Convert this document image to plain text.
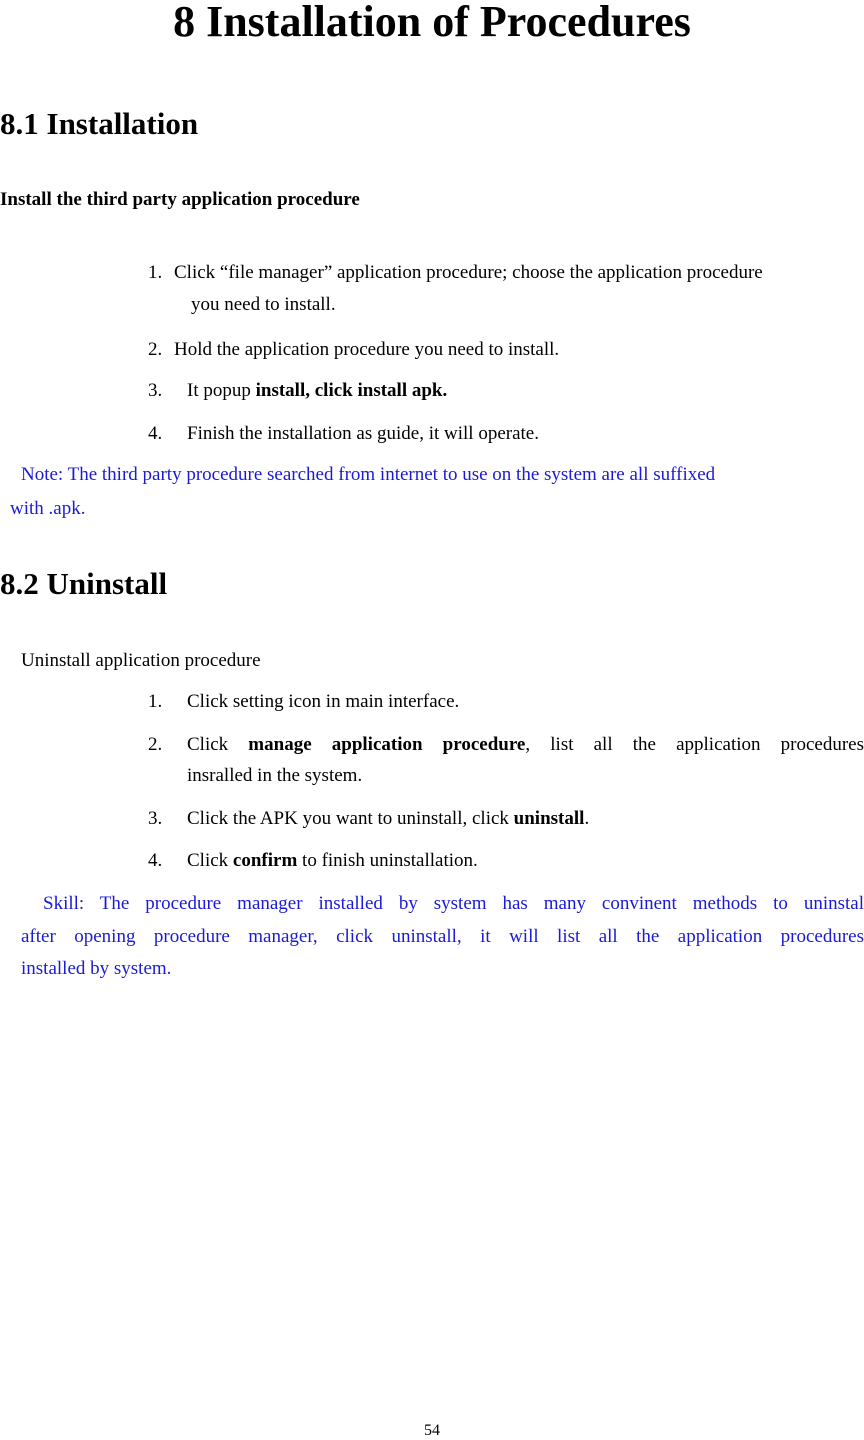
8 Installation of Procedures
8.1 Installation
Install the third party application procedure
1. Click “file manager” application procedure; choose the application procedure
you need to install.
2. Hold the application procedure you need to install.
3. It popup install, click install apk.
4. Finish the installation as guide, it will operate.
Note: The third party procedure searched from internet to use on the system are all suffixed
with .apk.
8.2 Uninstall
Uninstall application procedure
1. Click setting icon in main interface.
2. Click manage application procedure, list all the application procedures
insralled in the system.
3. Click the APK you want to uninstall, click uninstall.
4. Click confirm to finish uninstallation.
Skill: The procedure manager installed by system has many convinent methods to uninstal
after opening procedure manager, click uninstall, it will list all the application procedures
installed by system.
54
